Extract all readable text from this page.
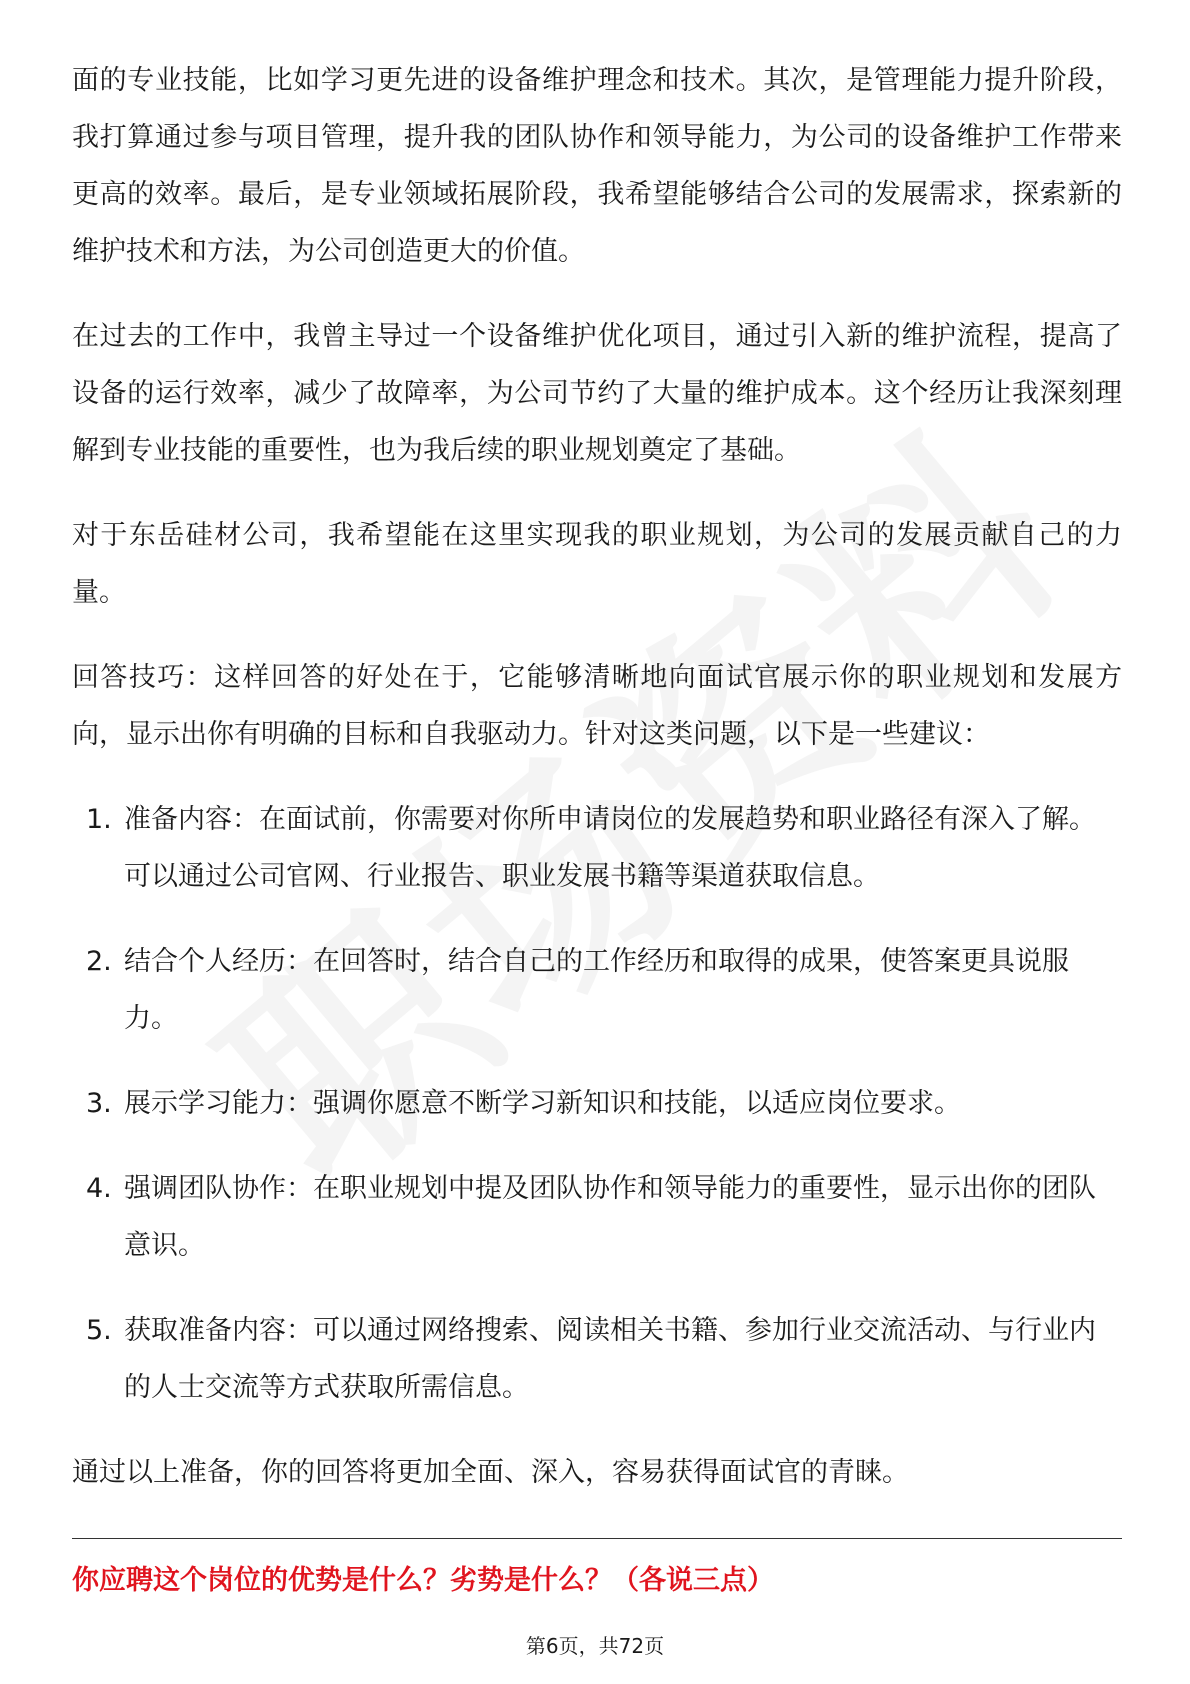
面的专业技能，比如学习更先进的设备维护理念和技术。其次，是管理能力提升阶段，我打算通过参与项目管理，提升我的团队协作和领导能力，为公司的设备维护工作带来更高的效率。最后，是专业领域拓展阶段，我希望能够结合公司的发展需求，探索新的维护技术和方法，为公司创造更大的价值。

在过去的工作中，我曾主导过一个设备维护优化项目，通过引入新的维护流程，提高了设备的运行效率，减少了故障率，为公司节约了大量的维护成本。这个经历让我深刻理解到专业技能的重要性，也为我后续的职业规划奠定了基础。

对于东岳硅材公司，我希望能在这里实现我的职业规划，为公司的发展贡献自己的力量。

回答技巧：这样回答的好处在于，它能够清晰地向面试官展示你的职业规划和发展方向，显示出你有明确的目标和自我驱动力。针对这类问题，以下是一些建议：

1. 准备内容：在面试前，你需要对你所申请岗位的发展趋势和职业路径有深入了解。可以通过公司官网、行业报告、职业发展书籍等渠道获取信息。
2. 结合个人经历：在回答时，结合自己的工作经历和取得的成果，使答案更具说服力。
3. 展示学习能力：强调你愿意不断学习新知识和技能，以适应岗位要求。
4. 强调团队协作：在职业规划中提及团队协作和领导能力的重要性，显示出你的团队意识。
5. 获取准备内容：可以通过网络搜索、阅读相关书籍、参加行业交流活动、与行业内的人士交流等方式获取所需信息。

通过以上准备，你的回答将更加全面、深入，容易获得面试官的青睐。

你应聘这个岗位的优势是什么？劣势是什么？（各说三点）
第6页，共72页
